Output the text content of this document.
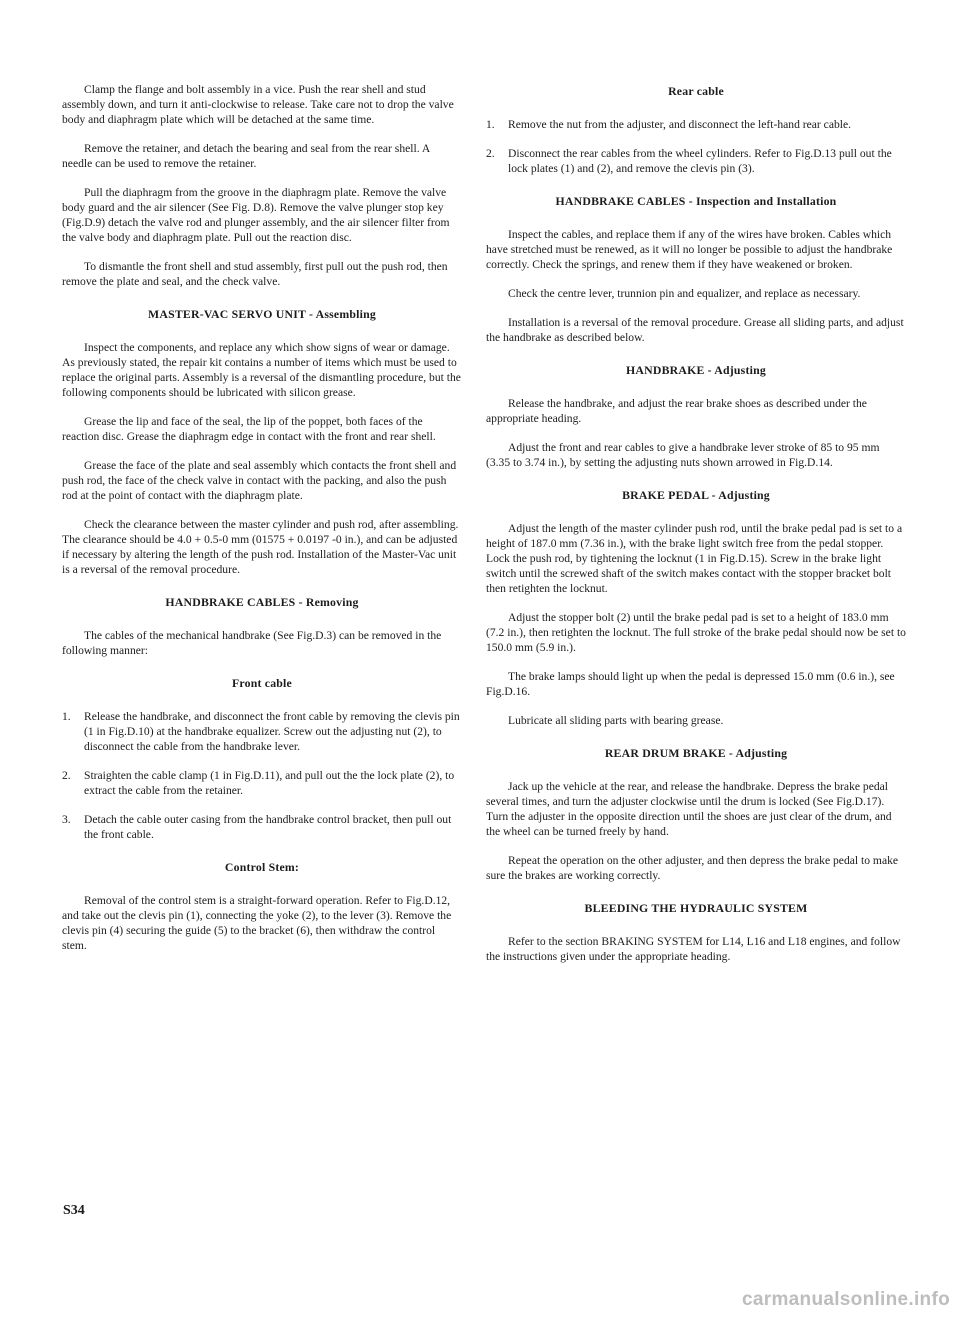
Clamp the flange and bolt assembly in a vice. Push the rear shell and stud assembly down, and turn it anti-clockwise to release. Take care not to drop the valve body and diaphragm plate which will be detached at the same time.

Remove the retainer, and detach the bearing and seal from the rear shell. A needle can be used to remove the retainer.

Pull the diaphragm from the groove in the diaphragm plate. Remove the valve body guard and the air silencer (See Fig. D.8). Remove the valve plunger stop key (Fig.D.9) detach the valve rod and plunger assembly, and the air silencer filter from the valve body and diaphragm plate. Pull out the reaction disc.

To dismantle the front shell and stud assembly, first pull out the push rod, then remove the plate and seal, and the check valve.

MASTER-VAC SERVO UNIT - Assembling

Inspect the components, and replace any which show signs of wear or damage. As previously stated, the repair kit contains a number of items which must be used to replace the original parts. Assembly is a reversal of the dismantling procedure, but the following components should be lubricated with silicon grease.

Grease the lip and face of the seal, the lip of the poppet, both faces of the reaction disc. Grease the diaphragm edge in contact with the front and rear shell.

Grease the face of the plate and seal assembly which contacts the front shell and push rod, the face of the check valve in contact with the packing, and also the push rod at the point of contact with the diaphragm plate.

Check the clearance between the master cylinder and push rod, after assembling. The clearance should be 4.0 + 0.5-0 mm (01575 + 0.0197 -0 in.), and can be adjusted if necessary by altering the length of the push rod. Installation of the Master-Vac unit is a reversal of the removal procedure.

HANDBRAKE CABLES - Removing

The cables of the mechanical handbrake (See Fig.D.3) can be removed in the following manner:

Front cable
1.	Release the handbrake, and disconnect the front cable by removing the clevis pin (1 in Fig.D.10) at the handbrake equalizer. Screw out the adjusting nut (2), to disconnect the cable from the handbrake lever.
2.	Straighten the cable clamp (1 in Fig.D.11), and pull out the the lock plate (2), to extract the cable from the retainer.
3.	Detach the cable outer casing from the handbrake control bracket, then pull out the front cable.
Control Stem:

Removal of the control stem is a straight-forward operation. Refer to Fig.D.12, and take out the clevis pin (1), connecting the yoke (2), to the lever (3). Remove the clevis pin (4) securing the guide (5) to the bracket (6), then withdraw the control stem.

Rear cable
1.	Remove the nut from the adjuster, and disconnect the left-hand rear cable.
2.	Disconnect the rear cables from the wheel cylinders. Refer to Fig.D.13 pull out the lock plates (1) and (2), and remove the clevis pin (3).
HANDBRAKE CABLES - Inspection and Installation

Inspect the cables, and replace them if any of the wires have broken. Cables which have stretched must be renewed, as it will no longer be possible to adjust the handbrake correctly. Check the springs, and renew them if they have weakened or broken.

Check the centre lever, trunnion pin and equalizer, and replace as necessary.

Installation is a reversal of the removal procedure. Grease all sliding parts, and adjust the handbrake as described below.

HANDBRAKE - Adjusting

Release the handbrake, and adjust the rear brake shoes as described under the appropriate heading.

Adjust the front and rear cables to give a handbrake lever stroke of 85 to 95 mm (3.35 to 3.74 in.), by setting the adjusting nuts shown arrowed in Fig.D.14.

BRAKE PEDAL - Adjusting

Adjust the length of the master cylinder push rod, until the brake pedal pad is set to a height of 187.0 mm (7.36 in.), with the brake light switch free from the pedal stopper. Lock the push rod, by tightening the locknut (1 in Fig.D.15). Screw in the brake light switch until the screwed shaft of the switch makes contact with the stopper bracket bolt then retighten the locknut.

Adjust the stopper bolt (2) until the brake pedal pad is set to a height of 183.0 mm (7.2 in.), then retighten the locknut. The full stroke of the brake pedal should now be set to 150.0 mm (5.9 in.).

The brake lamps should light up when the pedal is depressed 15.0 mm (0.6 in.), see Fig.D.16.

Lubricate all sliding parts with bearing grease.

REAR DRUM BRAKE - Adjusting

Jack up the vehicle at the rear, and release the handbrake. Depress the brake pedal several times, and turn the adjuster clockwise until the drum is locked (See Fig.D.17). Turn the adjuster in the opposite direction until the shoes are just clear of the drum, and the wheel can be turned freely by hand.

Repeat the operation on the other adjuster, and then depress the brake pedal to make sure the brakes are working correctly.

BLEEDING THE HYDRAULIC SYSTEM

Refer to the section BRAKING SYSTEM for L14, L16 and L18 engines, and follow the instructions given under the appropriate heading.

S34
carmanualsonline.info
